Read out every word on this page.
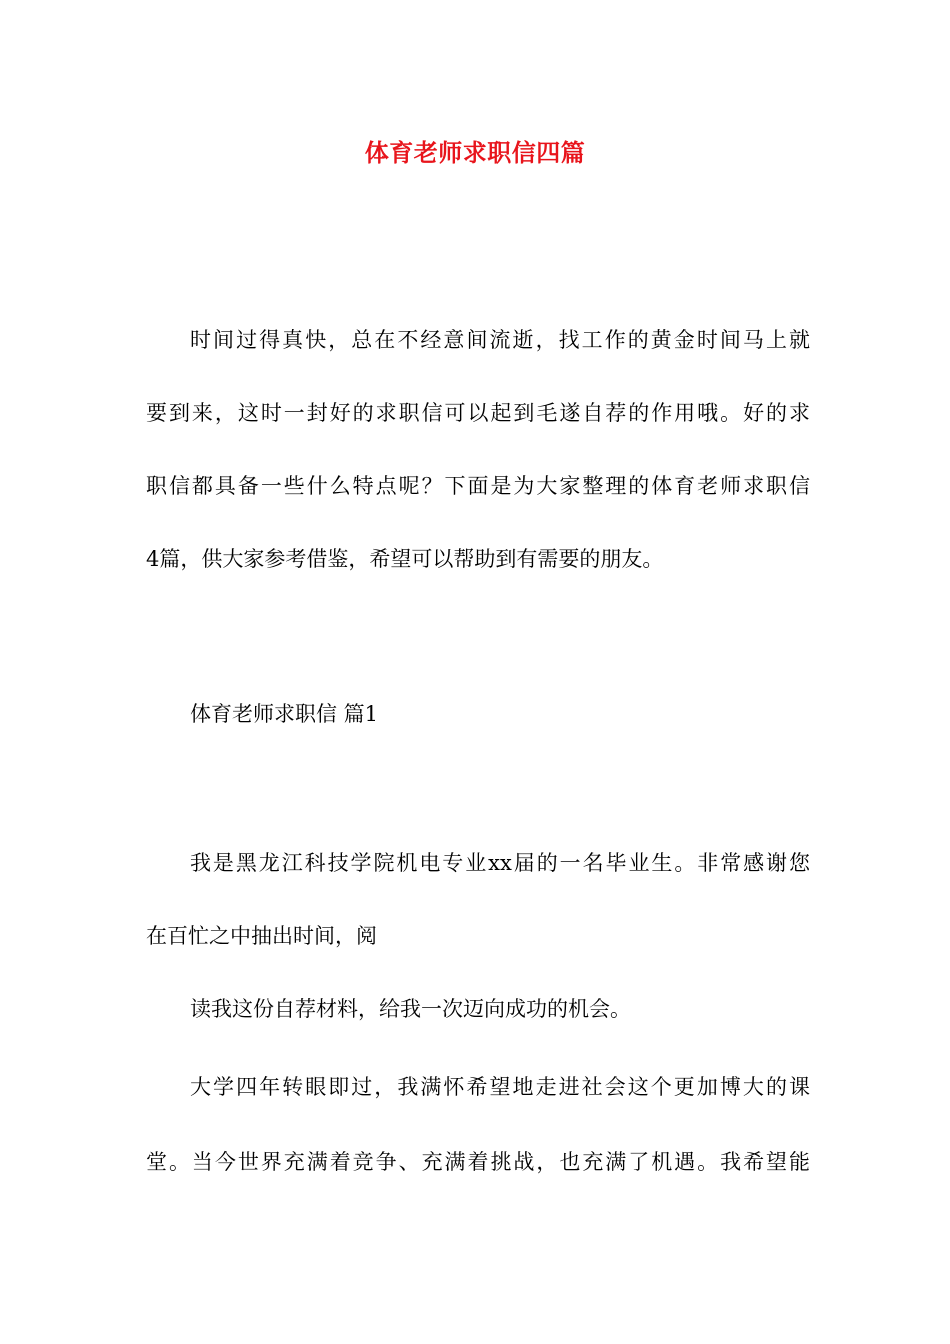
体育老师求职信四篇
时间过得真快，总在不经意间流逝，找工作的黄金时间马上就
要到来，这时一封好的求职信可以起到毛遂自荐的作用哦。好的求
职信都具备一些什么特点呢？下面是为大家整理的体育老师求职信
4篇，供大家参考借鉴，希望可以帮助到有需要的朋友。
体育老师求职信 篇1
我是黑龙江科技学院机电专业xx届的一名毕业生。非常感谢您
在百忙之中抽出时间，阅
读我这份自荐材料，给我一次迈向成功的机会。
大学四年转眼即过，我满怀希望地走进社会这个更加博大的课
堂。当今世界充满着竞争、充满着挑战，也充满了机遇。我希望能
